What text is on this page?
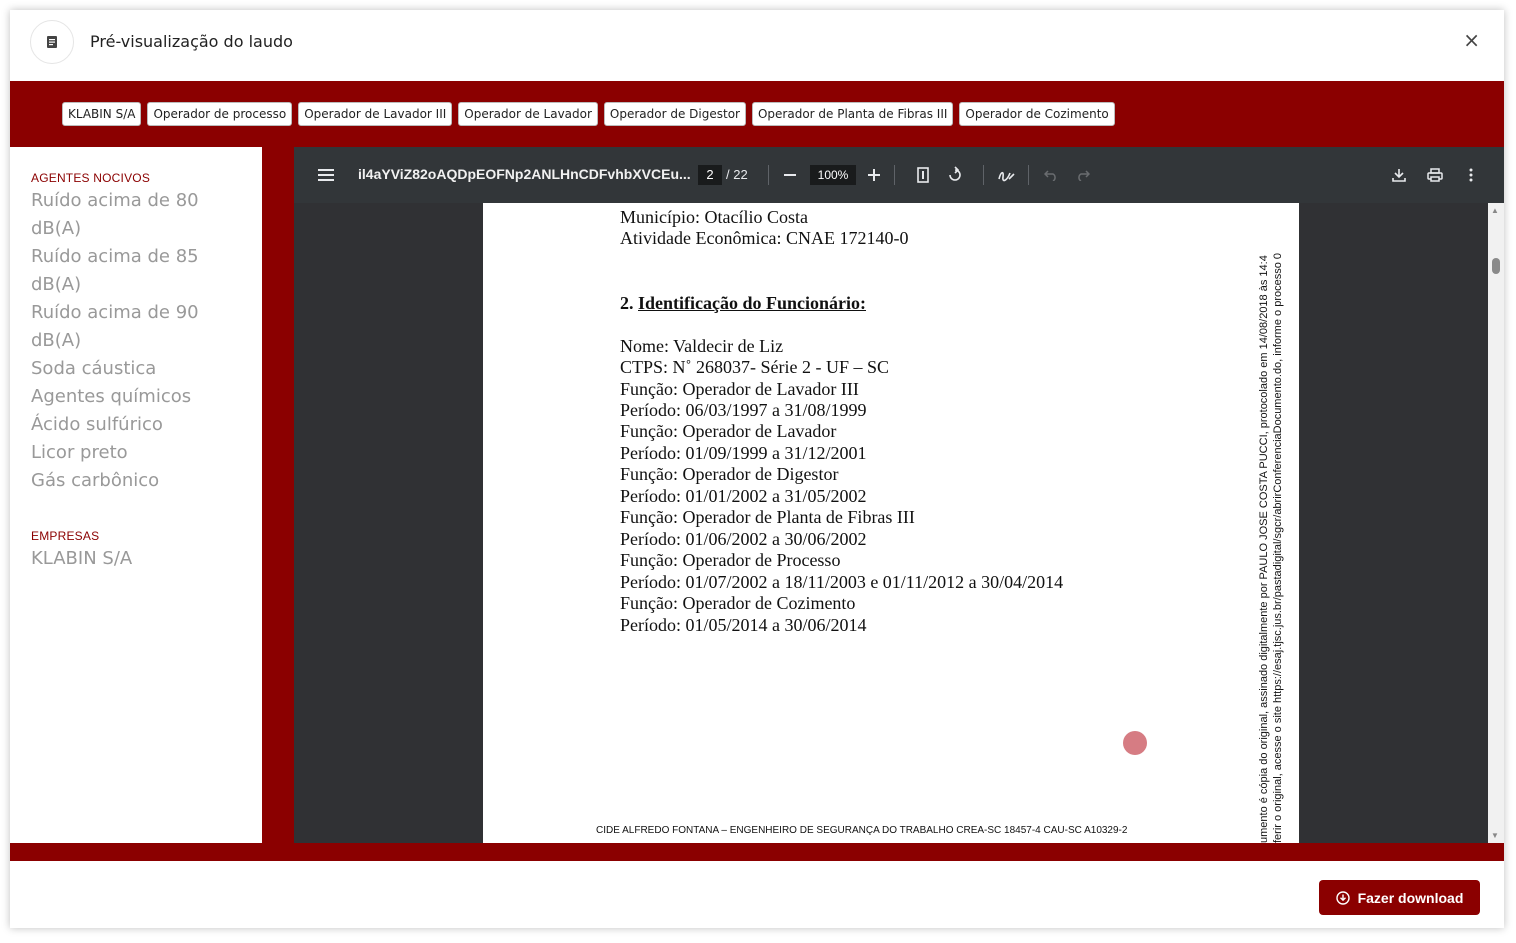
Pré-visualização do laudo	×
KLABIN S/A	Operador de processo	Operador de Lavador III	Operador de Lavador	Operador de Digestor	Operador de Planta de Fibras III	Operador de Cozimento
AGENTES NOCIVOS
Ruído acima de 80 dB(A)
Ruído acima de 85 dB(A)
Ruído acima de 90 dB(A)
Soda cáustica
Agentes químicos
Ácido sulfúrico
Licor preto
Gás carbônico
EMPRESAS
KLABIN S/A
il4aYViZ82oAQDpEOFNp2ANLHnCDFvhbXVCEu...	2 / 22	100%
Município: Otacílio Costa
Atividade Econômica: CNAE 172140-0
2. Identificação do Funcionário:
Nome: Valdecir de Liz
CTPS: N˚ 268037- Série 2 - UF – SC
Função: Operador de Lavador III
Período: 06/03/1997 a 31/08/1999
Função: Operador de Lavador
Período: 01/09/1999 a 31/12/2001
Função: Operador de Digestor
Período: 01/01/2002 a 31/05/2002
Função: Operador de Planta de Fibras III
Período: 01/06/2002 a 30/06/2002
Função: Operador de Processo
Período: 01/07/2002 a 18/11/2003 e 01/11/2012 a 30/04/2014
Função: Operador de Cozimento
Período: 01/05/2014 a 30/06/2014
CIDE ALFREDO FONTANA – ENGENHEIRO DE SEGURANÇA DO TRABALHO CREA-SC 18457-4 CAU-SC A10329-2	umento é cópia do original, assinado digitalmente por PAULO JOSE COSTA PUCCI, protocolado em 14/08/2018 às 14:4 ferir o original, acesse o site https://esaj.tjsc.jus.br/pastadigital/sgcr/abrirConferenciaDocumento.do, informe o processo 0
▲
▼
Fazer download
